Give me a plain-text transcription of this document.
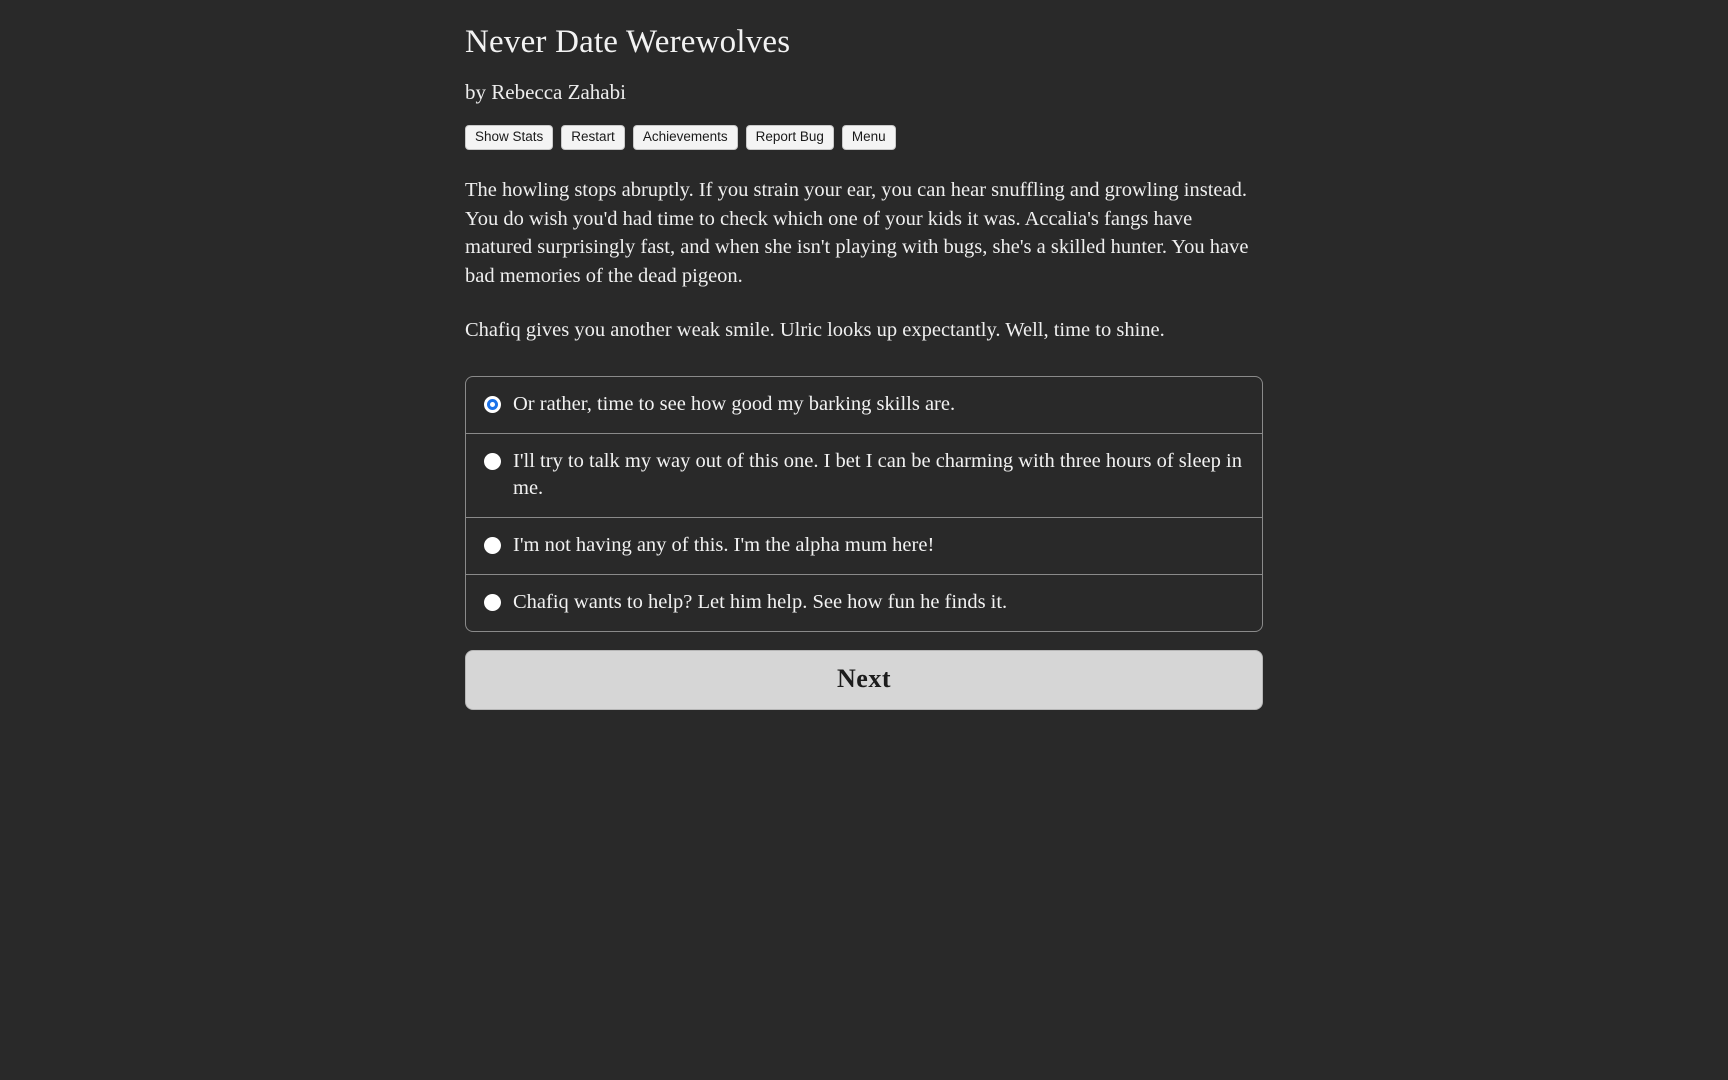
Never Date Werewolves
by Rebecca Zahabi
Show Stats	Restart	Achievements	Report Bug	Menu

The howling stops abruptly. If you strain your ear, you can hear snuffling and growling instead. You do wish you'd had time to check which one of your kids it was. Accalia's fangs have matured surprisingly fast, and when she isn't playing with bugs, she's a skilled hunter. You have bad memories of the dead pigeon.

Chafiq gives you another weak smile. Ulric looks up expectantly. Well, time to shine.

Or rather, time to see how good my barking skills are.
I'll try to talk my way out of this one. I bet I can be charming with three hours of sleep in me.
I'm not having any of this. I'm the alpha mum here!
Chafiq wants to help? Let him help. See how fun he finds it.
Next
